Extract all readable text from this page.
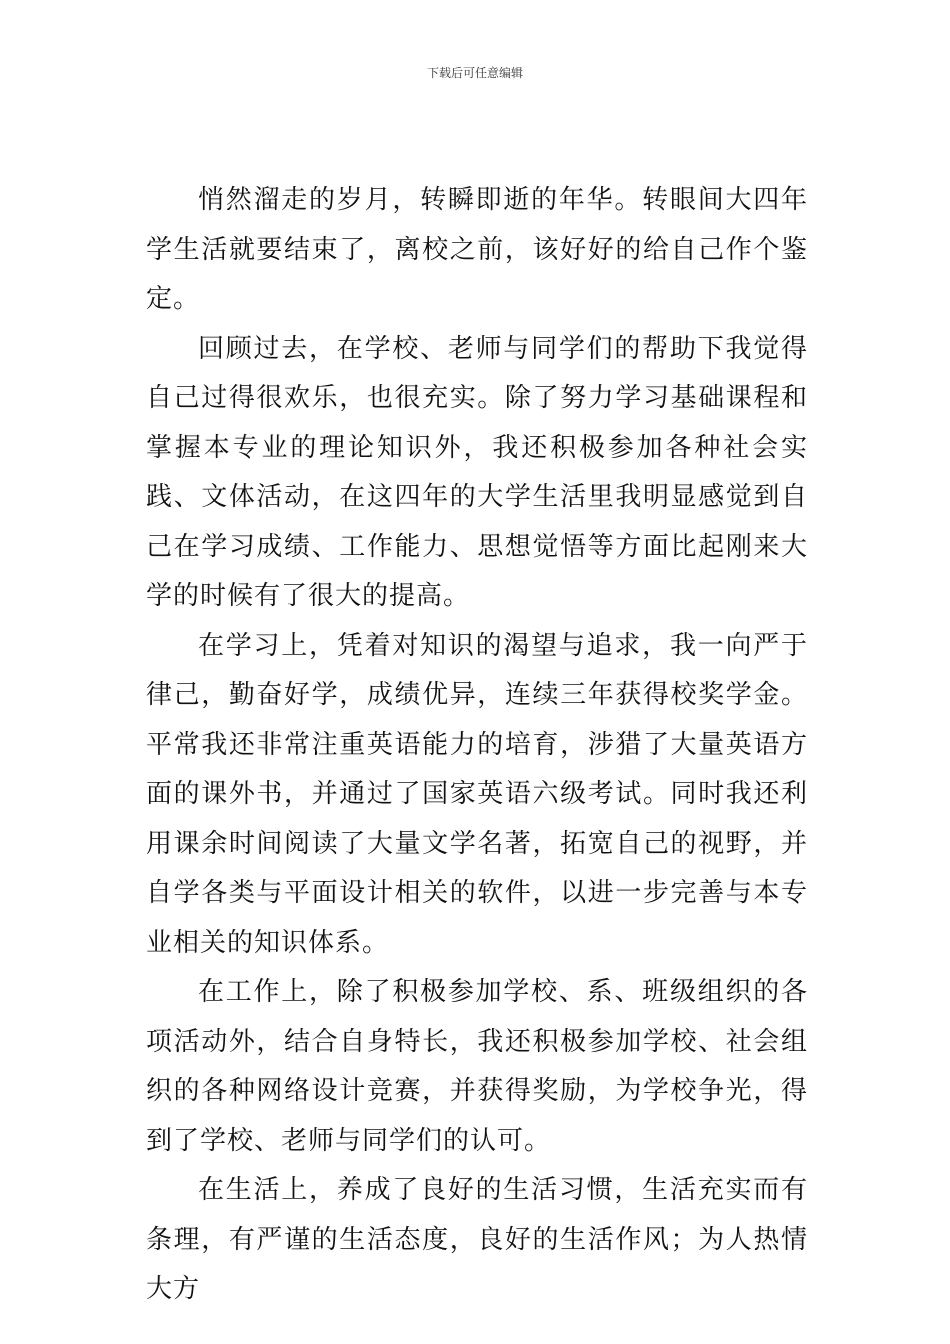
下载后可任意编辑

悄然溜走的岁月，转瞬即逝的年华。转眼间大四年学生活就要结束了，离校之前，该好好的给自己作个鉴定。

回顾过去，在学校、老师与同学们的帮助下我觉得自己过得很欢乐，也很充实。除了努力学习基础课程和掌握本专业的理论知识外，我还积极参加各种社会实践、文体活动，在这四年的大学生活里我明显感觉到自己在学习成绩、工作能力、思想觉悟等方面比起刚来大学的时候有了很大的提高。

在学习上，凭着对知识的渴望与追求，我一向严于律己，勤奋好学，成绩优异，连续三年获得校奖学金。平常我还非常注重英语能力的培育，涉猎了大量英语方面的课外书，并通过了国家英语六级考试。同时我还利用课余时间阅读了大量文学名著，拓宽自己的视野，并自学各类与平面设计相关的软件，以进一步完善与本专业相关的知识体系。

在工作上，除了积极参加学校、系、班级组织的各项活动外，结合自身特长，我还积极参加学校、社会组织的各种网络设计竞赛，并获得奖励，为学校争光，得到了学校、老师与同学们的认可。

在生活上，养成了良好的生活习惯，生活充实而有条理，有严谨的生活态度，良好的生活作风；为人热情大方
